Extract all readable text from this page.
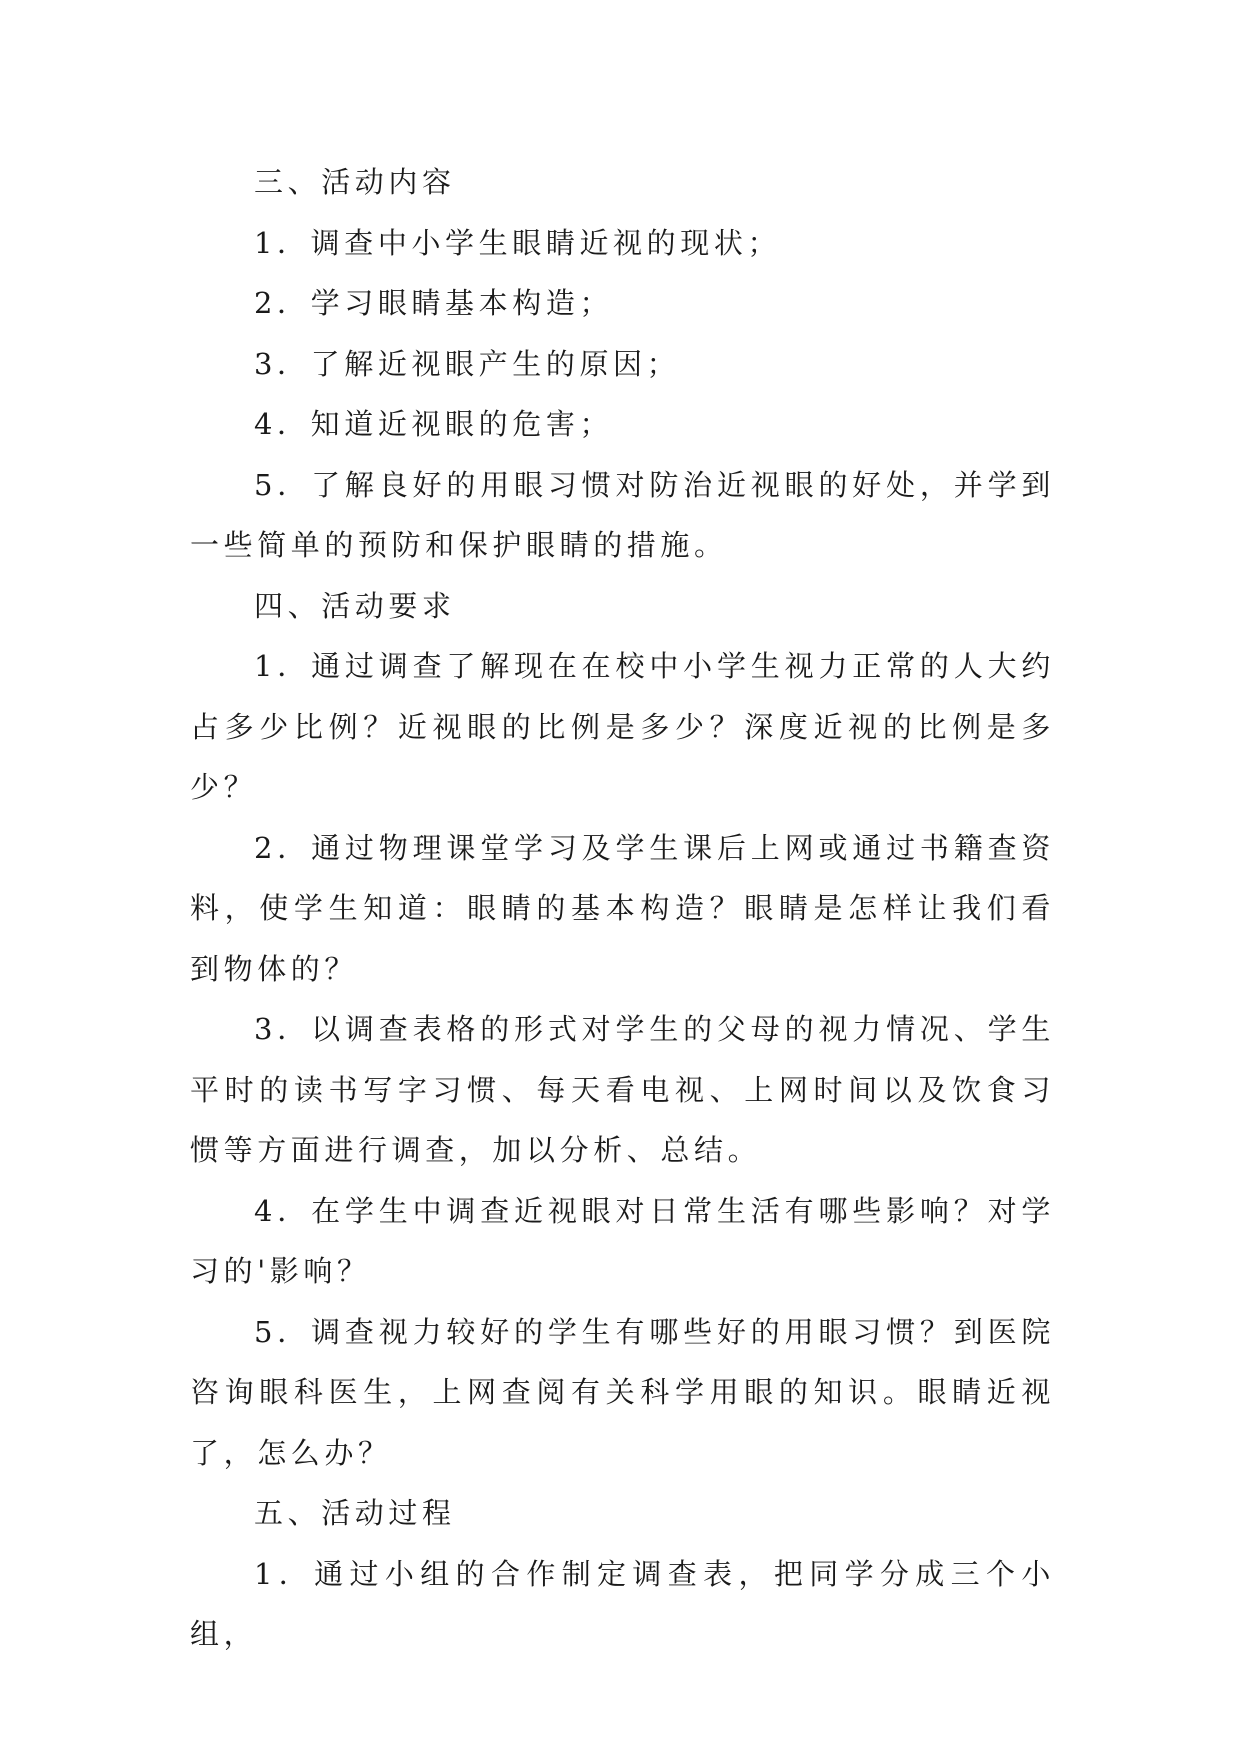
三、活动内容

1．调查中小学生眼睛近视的现状；

2．学习眼睛基本构造；

3．了解近视眼产生的原因；

4．知道近视眼的危害；

5．了解良好的用眼习惯对防治近视眼的好处，并学到一些简单的预防和保护眼睛的措施。

四、活动要求

1．通过调查了解现在在校中小学生视力正常的人大约占多少比例？近视眼的比例是多少？深度近视的比例是多少？

2．通过物理课堂学习及学生课后上网或通过书籍查资料，使学生知道：眼睛的基本构造？眼睛是怎样让我们看到物体的？

3．以调查表格的形式对学生的父母的视力情况、学生平时的读书写字习惯、每天看电视、上网时间以及饮食习惯等方面进行调查，加以分析、总结。

4．在学生中调查近视眼对日常生活有哪些影响？对学习的'影响？

5．调查视力较好的学生有哪些好的用眼习惯？到医院咨询眼科医生，上网查阅有关科学用眼的知识。眼睛近视了，怎么办？

五、活动过程

1．通过小组的合作制定调查表，把同学分成三个小组，
